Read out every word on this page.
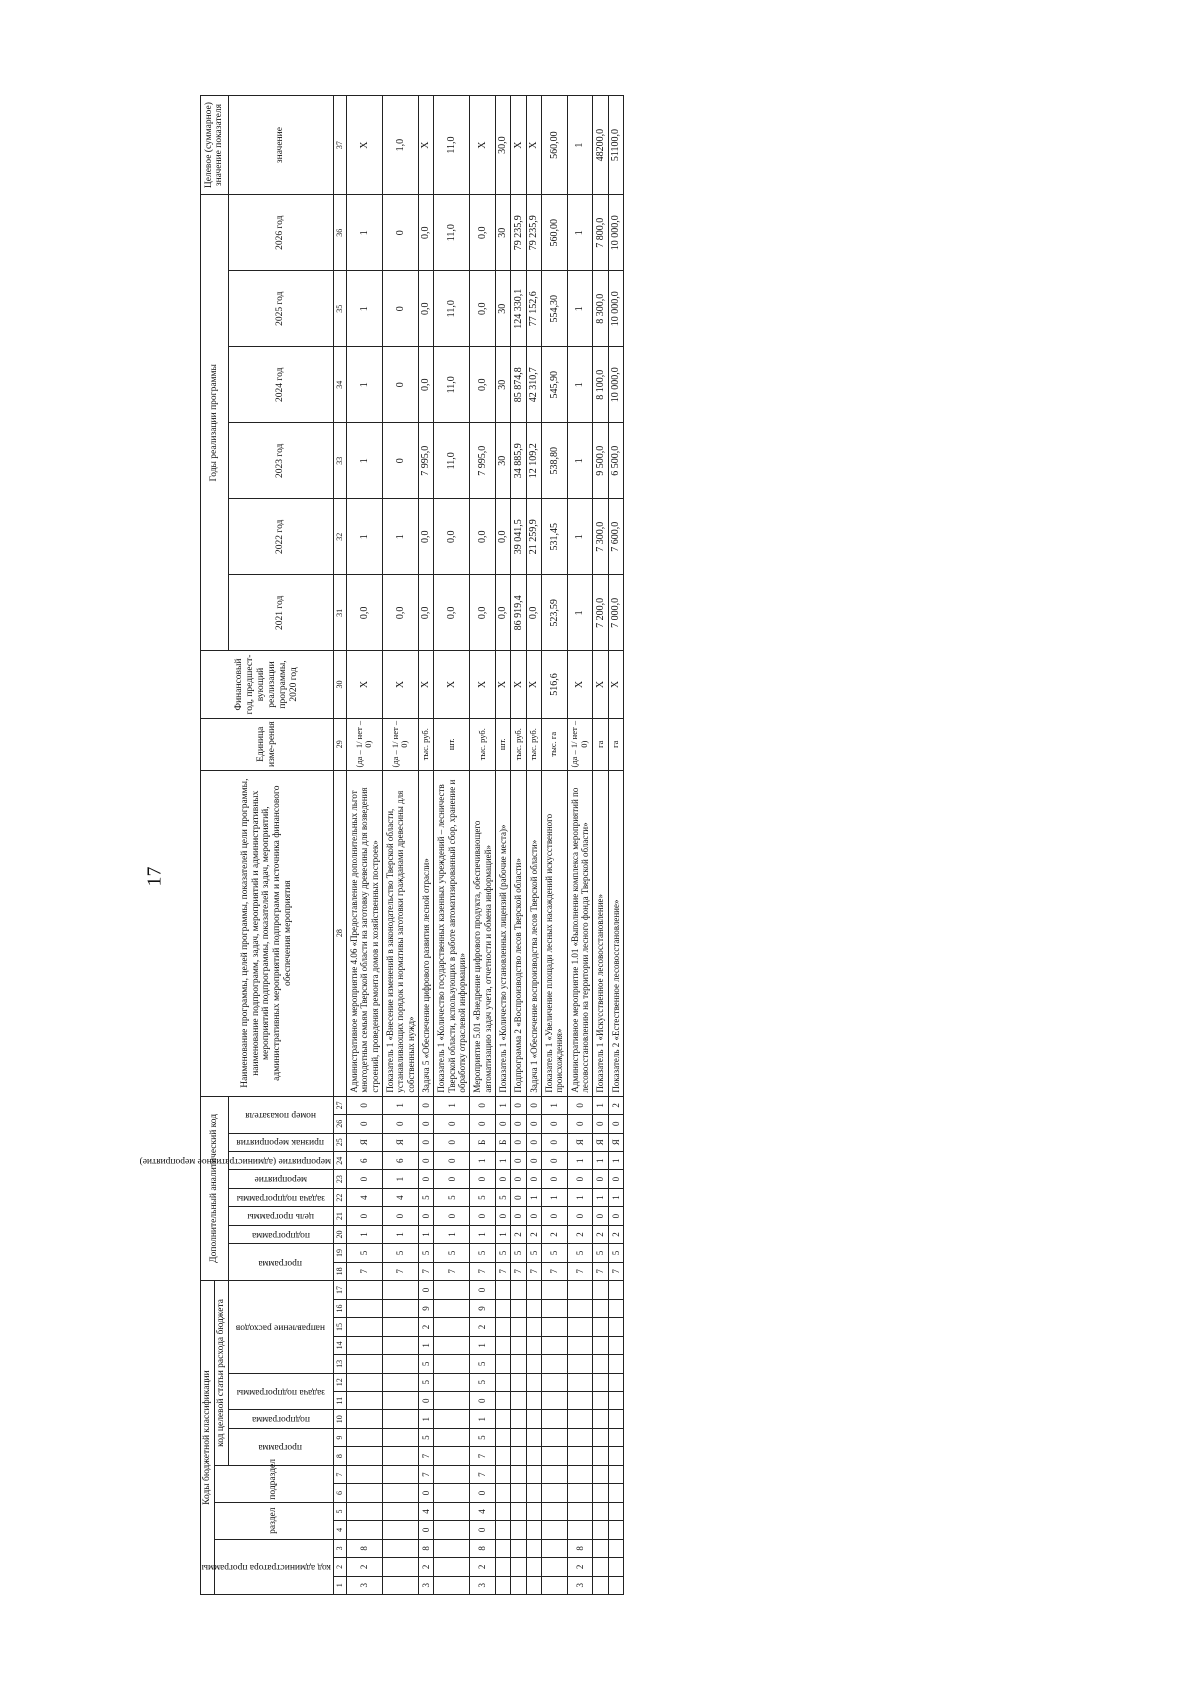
17
Коды бюджетной классификации																	Дополнительный аналитический код										Наименование программы, целей программы, показателей цели программы, наименование подпрограмм, задач, мероприятий и административных мероприятий подпрограммы, показателей задач, мероприятий, административных мероприятий подпрограмм и источника финансового обеспечения мероприятия	Единица изме-рения	Финансовый год, предшест-вующий реализации программы, 2020 год	Годы реализации программы						Целевое (суммарное) значение показателя
код администратора программы			раздел		подраздел		код целевой статьи расхода бюджета																													
							программа		подпрограмма	задача подпрограммы		направление расходов					программа		подпрограмма	цель программы	задача подпрограммы	мероприятие	мероприятие (административное мероприятие)	признак мероприятия	номер показателя					2021 год	2022 год	2023 год	2024 год	2025 год	2026 год	значение
1	2	3	4	5	6	7	8	9	10	11	12	13	14	15	16	17	18	19	20	21	22	23	24	25	26	27	28	29	30	31	32	33	34	35	36	37
3	2	8															7	5	1	0	4	0	6	Я	0	0	Административное мероприятие 4.06 «Предоставление дополнительных льгот многодетным семьям Тверской области на заготовку древесины для возведения строений, проведения ремонта домов и хозяйственных построек»	(да – 1/ нет – 0)	X	0,0	1	1	1	1	1	X
																	7	5	1	0	4	1	6	Я	0	1	Показатель 1 «Внесение изменений в законодательство Тверской области, устанавливающих порядок и нормативы заготовки гражданами древесины для собственных нужд»	(да – 1/ нет – 0)	X	0,0	1	0	0	0	0	1,0
3	2	8	0	4	0	7	7	5	1	0	5	5	1	2	9	0	7	5	1	0	5	0	0	0	0	0	Задача 5 «Обеспечение цифрового развития лесной отрасли»	тыс. руб.	X	0,0	0,0	7 995,0	0,0	0,0	0,0	X
																	7	5	1	0	5	0	0	0	0	1	Показатель 1 «Количество государственных казенных учреждений – лесничеств Тверской области, использующих в работе автоматизированный сбор, хранение и обработку отраслевой информации»	шт.	X	0,0	0,0	11,0	11,0	11,0	11,0	11,0
3	2	8	0	4	0	7	7	5	1	0	5	5	1	2	9	0	7	5	1	0	5	0	1	Б	0	0	Мероприятие 5.01 «Внедрение цифрового продукта, обеспечивающего автоматизацию задач учета, отчетности и обмена информацией»	тыс. руб.	X	0,0	0,0	7 995,0	0,0	0,0	0,0	X
																	7	5	1	0	5	0	1	Б	0	1	Показатель 1 «Количество установленных лицензий (рабочие места)»	шт.	X	0,0	0,0	30	30	30	30	30,0
																	7	5	2	0	0	0	0	0	0	0	Подпрограмма 2 «Воспроизводство лесов Тверской области»	тыс. руб.	X	86 919,4	39 041,5	34 885,9	85 874,8	124 330,1	79 235,9	X
																	7	5	2	0	1	0	0	0	0	0	Задача 1 «Обеспечение воспроизводства лесов Тверской области»	тыс. руб.	X	0,0	21 259,9	12 109,2	42 310,7	77 152,6	79 235,9	X
																	7	5	2	0	1	0	0	0	0	1	Показатель 1 «Увеличение площади лесных насаждений искусственного происхождения»	тыс. га	516,6	523,59	531,45	538,80	545,90	554,30	560,00	560,00
3	2	8															7	5	2	0	1	0	1	Я	0	0	Административное мероприятие 1.01 «Выполнение комплекса мероприятий по лесовосстановлению на территории лесного фонда Тверской области»	(да – 1/ нет – 0)	X	1	1	1	1	1	1	1
																	7	5	2	0	1	0	1	Я	0	1	Показатель 1 «Искусственное лесовосстановление»	га	X	7 200,0	7 300,0	9 500,0	8 100,0	8 300,0	7 800,0	48200,0
																	7	5	2	0	1	0	1	Я	0	2	Показатель 2 «Естественное лесовосстановление»	га	X	7 000,0	7 600,0	6 500,0	10 000,0	10 000,0	10 000,0	51100,0
